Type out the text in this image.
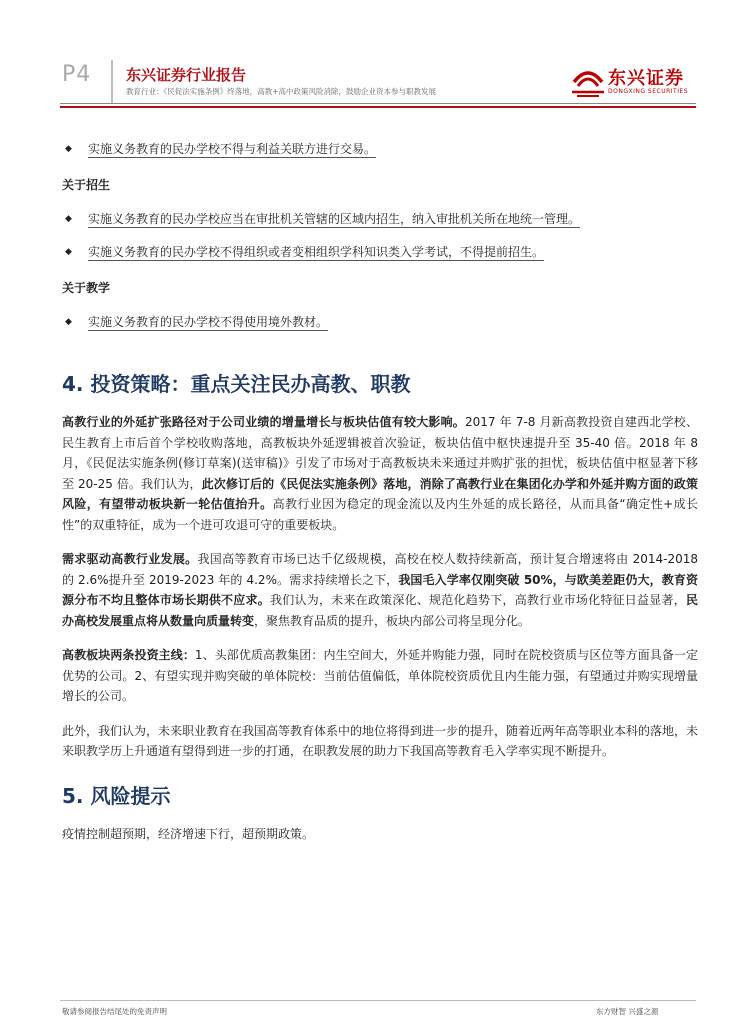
P4 东兴证券行业报告
教育行业：《民促法实施条例》终落地，高教+高中政策风险消除，鼓励企业资本参与职教发展
东兴证券
DONGXING SECURITIES

◆ 实施义务教育的民办学校不得与利益关联方进行交易。

关于招生

◆ 实施义务教育的民办学校应当在审批机关管辖的区域内招生，纳入审批机关所在地统一管理。

◆ 实施义务教育的民办学校不得组织或者变相组织学科知识类入学考试，不得提前招生。

关于教学

◆ 实施义务教育的民办学校不得使用境外教材。

4. 投资策略：重点关注民办高教、职教

高教行业的外延扩张路径对于公司业绩的增量增长与板块估值有较大影响。2017 年 7-8 月新高教投资自建西北学校、民生教育上市后首个学校收购落地，高教板块外延逻辑被首次验证，板块估值中枢快速提升至 35-40 倍。2018 年 8 月，《民促法实施条例(修订草案)(送审稿)》引发了市场对于高教板块未来通过并购扩张的担忧，板块估值中枢显著下移至 20-25 倍。我们认为，此次修订后的《民促法实施条例》落地，消除了高教行业在集团化办学和外延并购方面的政策风险，有望带动板块新一轮估值抬升。高教行业因为稳定的现金流以及内生外延的成长路径，从而具备“确定性+成长性”的双重特征，成为一个进可攻退可守的重要板块。

需求驱动高教行业发展。我国高等教育市场已达千亿级规模，高校在校人数持续新高，预计复合增速将由 2014-2018 的 2.6%提升至 2019-2023 年的 4.2%。需求持续增长之下，我国毛入学率仅刚突破 50%，与欧美差距仍大，教育资源分布不均且整体市场长期供不应求。我们认为，未来在政策深化、规范化趋势下，高教行业市场化特征日益显著，民办高校发展重点将从数量向质量转变，聚焦教育品质的提升，板块内部公司将呈现分化。

高教板块两条投资主线：1、头部优质高教集团：内生空间大，外延并购能力强，同时在院校资质与区位等方面具备一定优势的公司。2、有望实现并购突破的单体院校：当前估值偏低，单体院校资质优且内生能力强，有望通过并购实现增量增长的公司。

此外，我们认为，未来职业教育在我国高等教育体系中的地位将得到进一步的提升，随着近两年高等职业本科的落地，未来职教学历上升通道有望得到进一步的打通，在职教发展的助力下我国高等教育毛入学率实现不断提升。

5. 风险提示

疫情控制超预期，经济增速下行，超预期政策。

敬请参阅报告结尾处的免责声明	东方财智 兴盛之源
